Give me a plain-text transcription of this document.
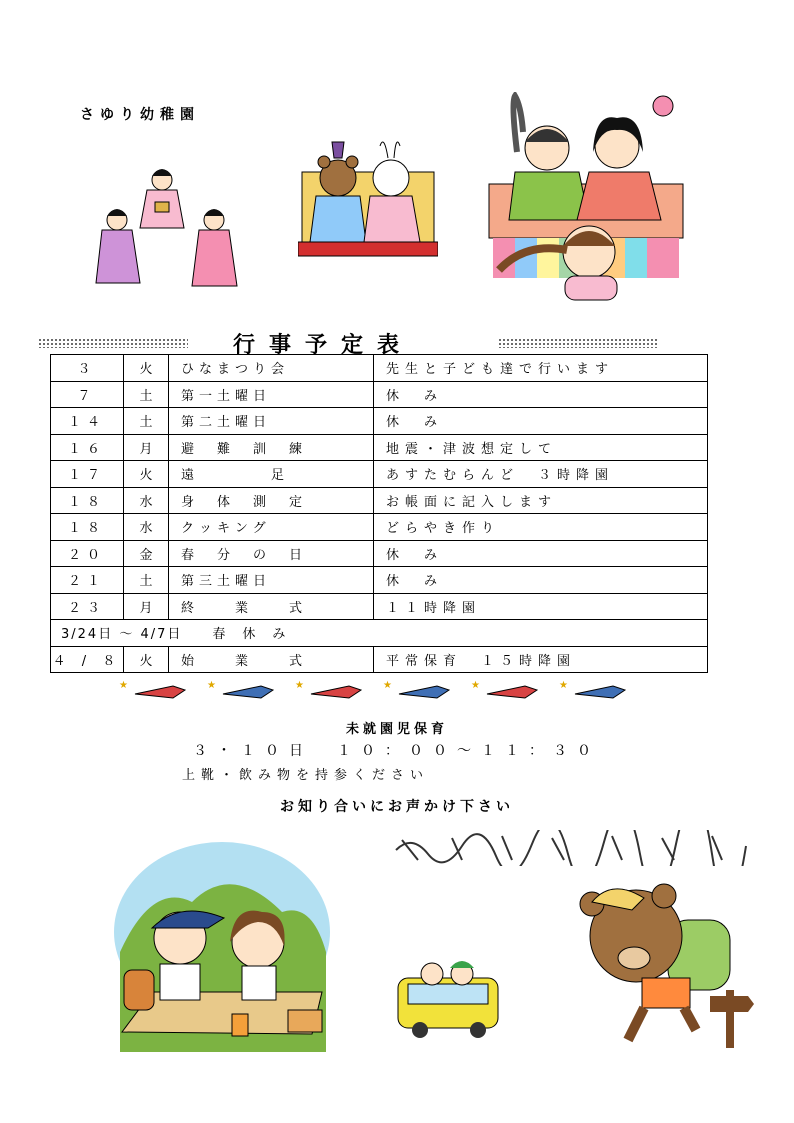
さゆり幼稚園
行事予定表
３	火	ひなまつり会	先生と子ども達で行います
７	土	第一土曜日	休　み
１４	土	第二土曜日	休　み
１６	月	避　難　訓　練	地震・津波想定して
１７	火	遠　　　　足	あすたむらんど　３時降園
１８	水	身　体　測　定	お帳面に記入します
１８	水	クッキング	どらやき作り
２０	金	春　分　の　日	休　み
２１	土	第三土曜日	休　み
２３	月	終　　業　　式	１１時降園
3/24日 ～ 4/7日　　春　休　み			
４ / ８	火	始　　業　　式	平常保育　１５時降園
★	★	★	★	★	★
未就園児保育
３・１０日　１０：００～１１：３０
上靴・飲み物を持参ください
お知り合いにお声かけ下さい
